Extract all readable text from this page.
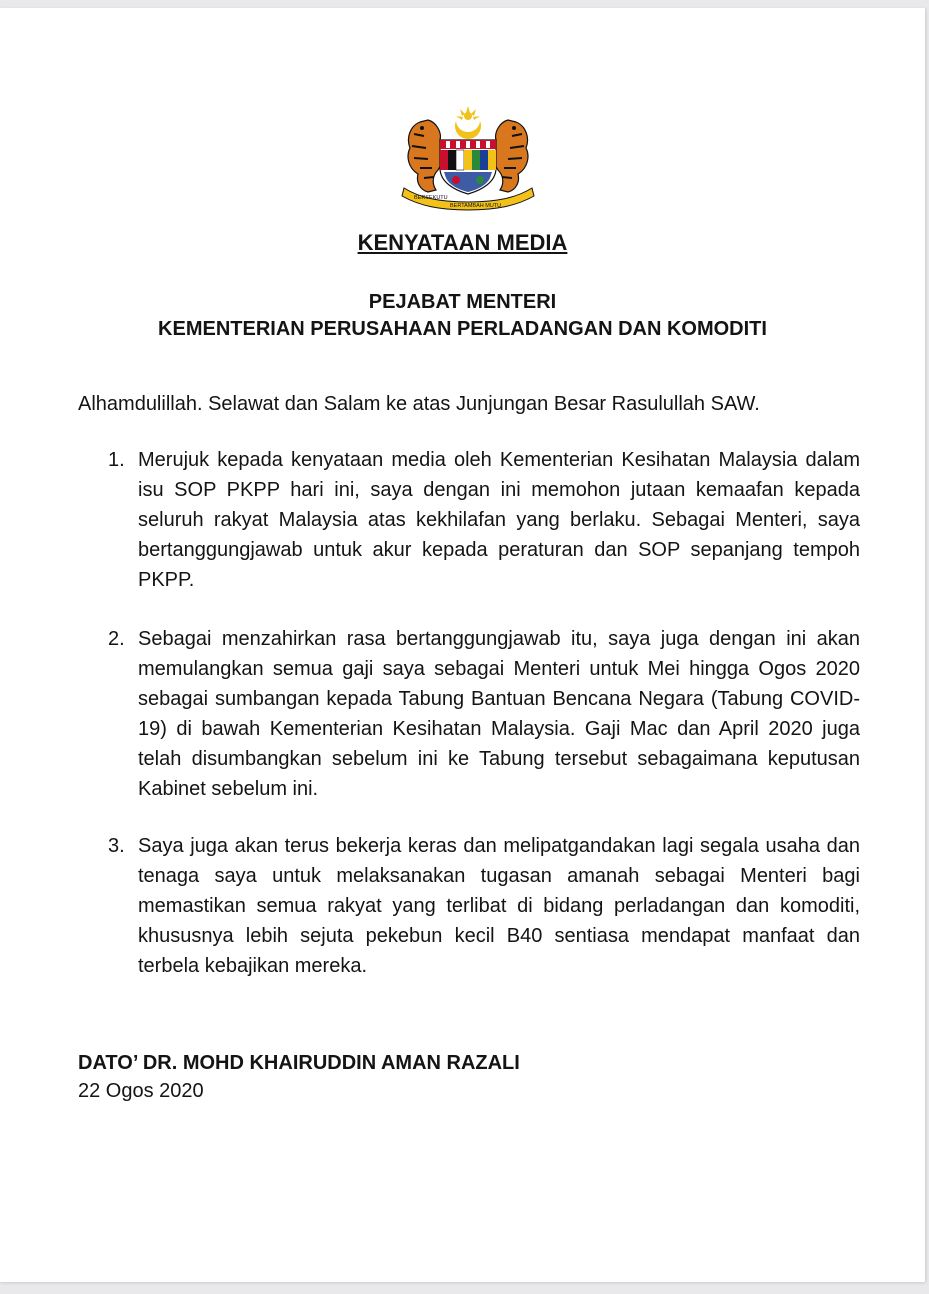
BERSEKUTU
BERTAMBAH MUTU
KENYATAAN MEDIA
PEJABAT MENTERI
KEMENTERIAN PERUSAHAAN PERLADANGAN DAN KOMODITI
Alhamdulillah. Selawat dan Salam ke atas Junjungan Besar Rasulullah SAW.
1. Merujuk kepada kenyataan media oleh Kementerian Kesihatan Malaysia dalam isu SOP PKPP hari ini, saya dengan ini memohon jutaan kemaafan kepada seluruh rakyat Malaysia atas kekhilafan yang berlaku. Sebagai Menteri, saya bertanggungjawab untuk akur kepada peraturan dan SOP sepanjang tempoh PKPP.
2. Sebagai menzahirkan rasa bertanggungjawab itu, saya juga dengan ini akan memulangkan semua gaji saya sebagai Menteri untuk Mei hingga Ogos 2020 sebagai sumbangan kepada Tabung Bantuan Bencana Negara (Tabung COVID-19) di bawah Kementerian Kesihatan Malaysia. Gaji Mac dan April 2020 juga telah disumbangkan sebelum ini ke Tabung tersebut sebagaimana keputusan Kabinet sebelum ini.
3. Saya juga akan terus bekerja keras dan melipatgandakan lagi segala usaha dan tenaga saya untuk melaksanakan tugasan amanah sebagai Menteri bagi memastikan semua rakyat yang terlibat di bidang perladangan dan komoditi, khususnya lebih sejuta pekebun kecil B40 sentiasa mendapat manfaat dan terbela kebajikan mereka.
DATO’ DR. MOHD KHAIRUDDIN AMAN RAZALI
22 Ogos 2020
